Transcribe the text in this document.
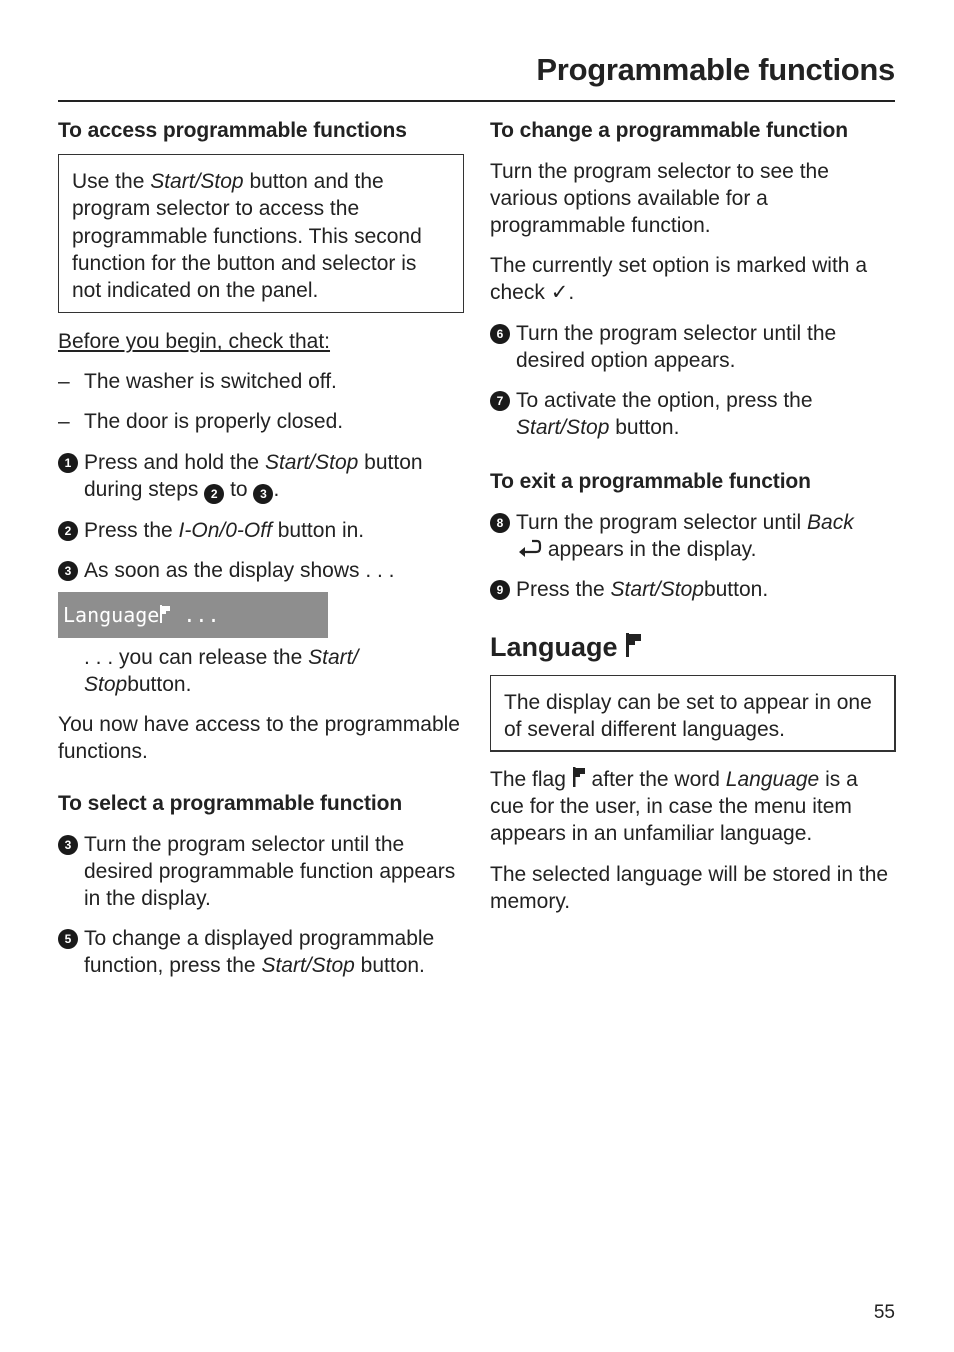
Programmable functions
To access programmable functions
Use the Start/Stop button and the program selector to access the programmable functions. This second function for the button and selector is not indicated on the panel.
Before you begin, check that:
– The washer is switched off.
– The door is properly closed.
1 Press and hold the Start/Stop button during steps 2 to 3 .
2 Press the I-On/0-Off button in.
3 As soon as the display shows . . .
Language ...
. . . you can release the Start/ Stopbutton.
You now have access to the programmable functions.
To select a programmable function
3 Turn the program selector until the desired programmable function appears in the display.
5 To change a displayed programmable function, press the Start/Stop button.
To change a programmable function
Turn the program selector to see the various options available for a programmable function.
The currently set option is marked with a check ✓.
6 Turn the program selector until the desired option appears.
7 To activate the option, press the Start/Stop button.
To exit a programmable function
8 Turn the program selector until Back
appears in the display.
9 Press the Start/Stopbutton.
Language
The display can be set to appear in one of several different languages.
The flag  after the word Language is a cue for the user, in case the menu item appears in an unfamiliar language.
The selected language will be stored in the memory.
55
